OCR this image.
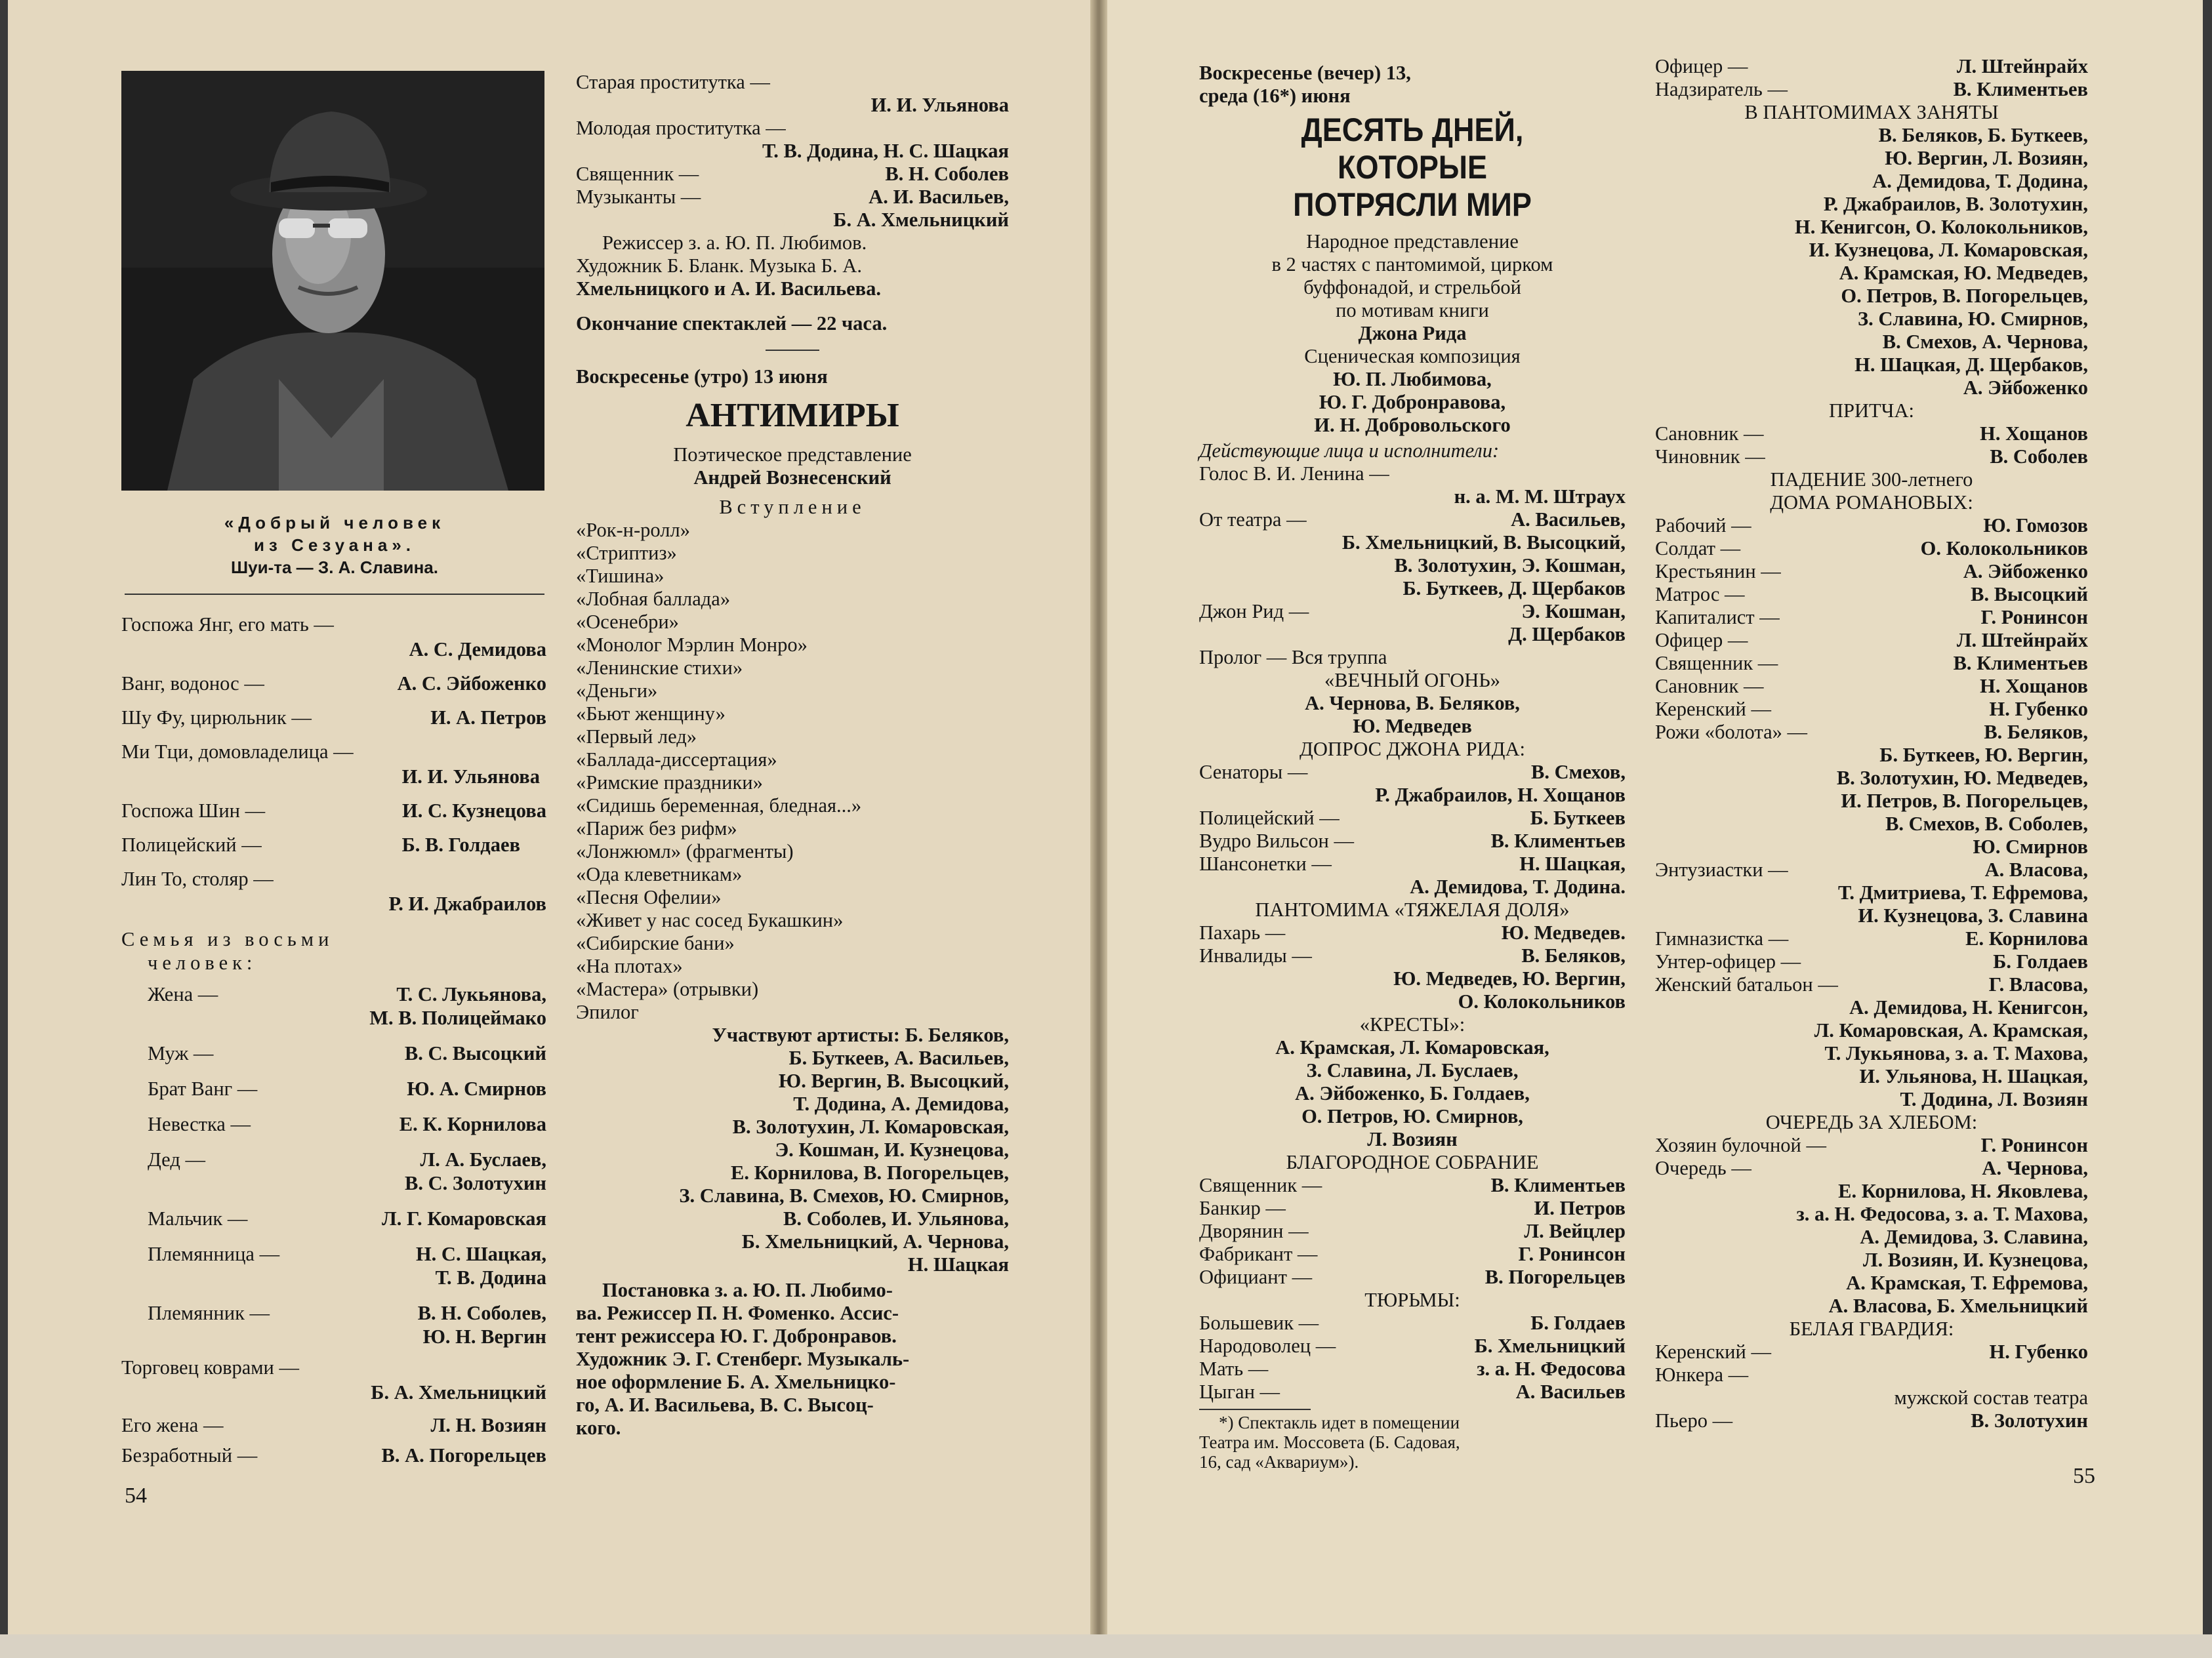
«Добрый человек
из Сезуана».
Шуи-та — З. А. Славина.
Госпожа Янг, его мать —
А. С. Демидова
Ванг, водонос —	А. С. Эйбоженко
Шу Фу, цирюльник —	И. А. Петров
Ми Тци, домовладелица —
И. И. Ульянова
Госпожа Шин —	И. С. Кузнецова
Полицейский —	Б. В. Голдаев
Лин То, столяр —
Р. И. Джабраилов
Семья из восьми
человек:
Жена —	Т. С. Лукьянова,
М. В. Полицеймако
Муж —	В. С. Высоцкий
Брат Ванг —	Ю. А. Смирнов
Невестка —	Е. К. Корнилова
Дед —	Л. А. Буслаев,
В. С. Золотухин
Мальчик —	Л. Г. Комаровская
Племянница —	Н. С. Шацкая,
Т. В. Додина
Племянник —	В. Н. Соболев,
Ю. Н. Вергин
Торговец коврами —
Б. А. Хмельницкий
Его жена —	Л. Н. Возиян
Безработный —	В. А. Погорельцев
54
Старая проститутка —
И. И. Ульянова
Молодая проститутка —
Т. В. Додина, Н. С. Шацкая
Священник —	В. Н. Соболев
Музыканты —	А. И. Васильев,
Б. А. Хмельницкий
Режиссер з. а. Ю. П. Любимов.
Художник Б. Бланк. Музыка Б. А.
Хмельницкого и А. И. Васильева.
Окончание спектаклей — 22 часа.
Воскресенье (утро) 13 июня
АНТИМИРЫ
Поэтическое представление
Андрей Вознесенский
Вступление
«Рок-н-ролл»
«Стриптиз»
«Тишина»
«Лобная баллада»
«Осенебри»
«Монолог Мэрлин Монро»
«Ленинские стихи»
«Деньги»
«Бьют женщину»
«Первый лед»
«Баллада-диссертация»
«Римские праздники»
«Сидишь беременная, бледная...»
«Париж без рифм»
«Лонжюмл» (фрагменты)
«Ода клеветникам»
«Песня Офелии»
«Живет у нас сосед Букашкин»
«Сибирские бани»
«На плотах»
«Мастера» (отрывки)
Эпилог
Участвуют артисты: Б. Беляков,
Б. Буткеев, А. Васильев,
Ю. Вергин, В. Высоцкий,
Т. Додина, А. Демидова,
В. Золотухин, Л. Комаровская,
Э. Кошман, И. Кузнецова,
Е. Корнилова, В. Погорельцев,
З. Славина, В. Смехов, Ю. Смирнов,
В. Соболев, И. Ульянова,
Б. Хмельницкий, А. Чернова,
Н. Шацкая
Постановка з. а. Ю. П. Любимо-
ва. Режиссер П. Н. Фоменко. Ассис-
тент режиссера Ю. Г. Добронравов.
Художник Э. Г. Стенберг. Музыкаль-
ное оформление Б. А. Хмельницко-
го, А. И. Васильева, В. С. Высоц-
кого.
Воскресенье (вечер) 13,
среда (16*) июня
ДЕСЯТЬ ДНЕЙ,
КОТОРЫЕ
ПОТРЯСЛИ МИР
Народное представление
в 2 частях с пантомимой, цирком
буффонадой, и стрельбой
по мотивам книги
Джона Рида
Сценическая композиция
Ю. П. Любимова,
Ю. Г. Добронравова,
И. Н. Добровольского
Действующие лица и исполнители:
Голос В. И. Ленина —
н. а. М. М. Штраух
От театра —	А. Васильев,
Б. Хмельницкий, В. Высоцкий,
В. Золотухин, Э. Кошман,
Б. Буткеев, Д. Щербаков
Джон Рид —	Э. Кошман,
Д. Щербаков
Пролог — Вся труппа
«ВЕЧНЫЙ ОГОНЬ»
А. Чернова, В. Беляков,
Ю. Медведев
ДОПРОС ДЖОНА РИДА:
Сенаторы —	В. Смехов,
Р. Джабраилов, Н. Хощанов
Полицейский —	Б. Буткеев
Вудро Вильсон —	В. Климентьев
Шансонетки —	Н. Шацкая,
А. Демидова, Т. Додина.
ПАНТОМИМА «ТЯЖЕЛАЯ ДОЛЯ»
Пахарь —	Ю. Медведев.
Инвалиды —	В. Беляков,
Ю. Медведев, Ю. Вергин,
О. Колокольников
«КРЕСТЫ»:
А. Крамская, Л. Комаровская,
З. Славина, Л. Буслаев,
А. Эйбоженко, Б. Голдаев,
О. Петров, Ю. Смирнов,
Л. Возиян
БЛАГОРОДНОЕ СОБРАНИЕ
Священник —	В. Климентьев
Банкир —	И. Петров
Дворянин —	Л. Вейцлер
Фабрикант —	Г. Ронинсон
Официант —	В. Погорельцев
ТЮРЬМЫ:
Большевик —	Б. Голдаев
Народоволец —	Б. Хмельницкий
Мать —	з. а. Н. Федосова
Цыган —	А. Васильев
*) Спектакль идет в помещении
Театра им. Моссовета (Б. Садовая,
16, сад «Аквариум»).
Офицер —	Л. Штейнрайх
Надзиратель —	В. Климентьев
В ПАНТОМИМАХ ЗАНЯТЫ
В. Беляков, Б. Буткеев,
Ю. Вергин, Л. Возиян,
А. Демидова, Т. Додина,
Р. Джабраилов, В. Золотухин,
Н. Кенигсон, О. Колокольников,
И. Кузнецова, Л. Комаровская,
А. Крамская, Ю. Медведев,
О. Петров, В. Погорельцев,
З. Славина, Ю. Смирнов,
В. Смехов, А. Чернова,
Н. Шацкая, Д. Щербаков,
А. Эйбоженко
ПРИТЧА:
Сановник —	Н. Хощанов
Чиновник —	В. Соболев
ПАДЕНИЕ 300-летнего
ДОМА РОМАНОВЫХ:
Рабочий —	Ю. Гомозов
Солдат —	О. Колокольников
Крестьянин —	А. Эйбоженко
Матрос —	В. Высоцкий
Капиталист —	Г. Ронинсон
Офицер —	Л. Штейнрайх
Священник —	В. Климентьев
Сановник —	Н. Хощанов
Керенский —	Н. Губенко
Рожи «болота» —	В. Беляков,
Б. Буткеев, Ю. Вергин,
В. Золотухин, Ю. Медведев,
И. Петров, В. Погорельцев,
В. Смехов, В. Соболев,
Ю. Смирнов
Энтузиастки —	А. Власова,
Т. Дмитриева, Т. Ефремова,
И. Кузнецова, З. Славина
Гимназистка —	Е. Корнилова
Унтер-офицер —	Б. Голдаев
Женский батальон —	Г. Власова,
А. Демидова, Н. Кенигсон,
Л. Комаровская, А. Крамская,
Т. Лукьянова, з. а. Т. Махова,
И. Ульянова, Н. Шацкая,
Т. Додина, Л. Возиян
ОЧЕРЕДЬ ЗА ХЛЕБОМ:
Хозяин булочной —	Г. Ронинсон
Очередь —	А. Чернова,
Е. Корнилова, Н. Яковлева,
з. а. Н. Федосова, з. а. Т. Махова,
А. Демидова, З. Славина,
Л. Возиян, И. Кузнецова,
А. Крамская, Т. Ефремова,
А. Власова, Б. Хмельницкий
БЕЛАЯ ГВАРДИЯ:
Керенский —	Н. Губенко
Юнкера —
мужской состав театра
Пьеро —	В. Золотухин
55
